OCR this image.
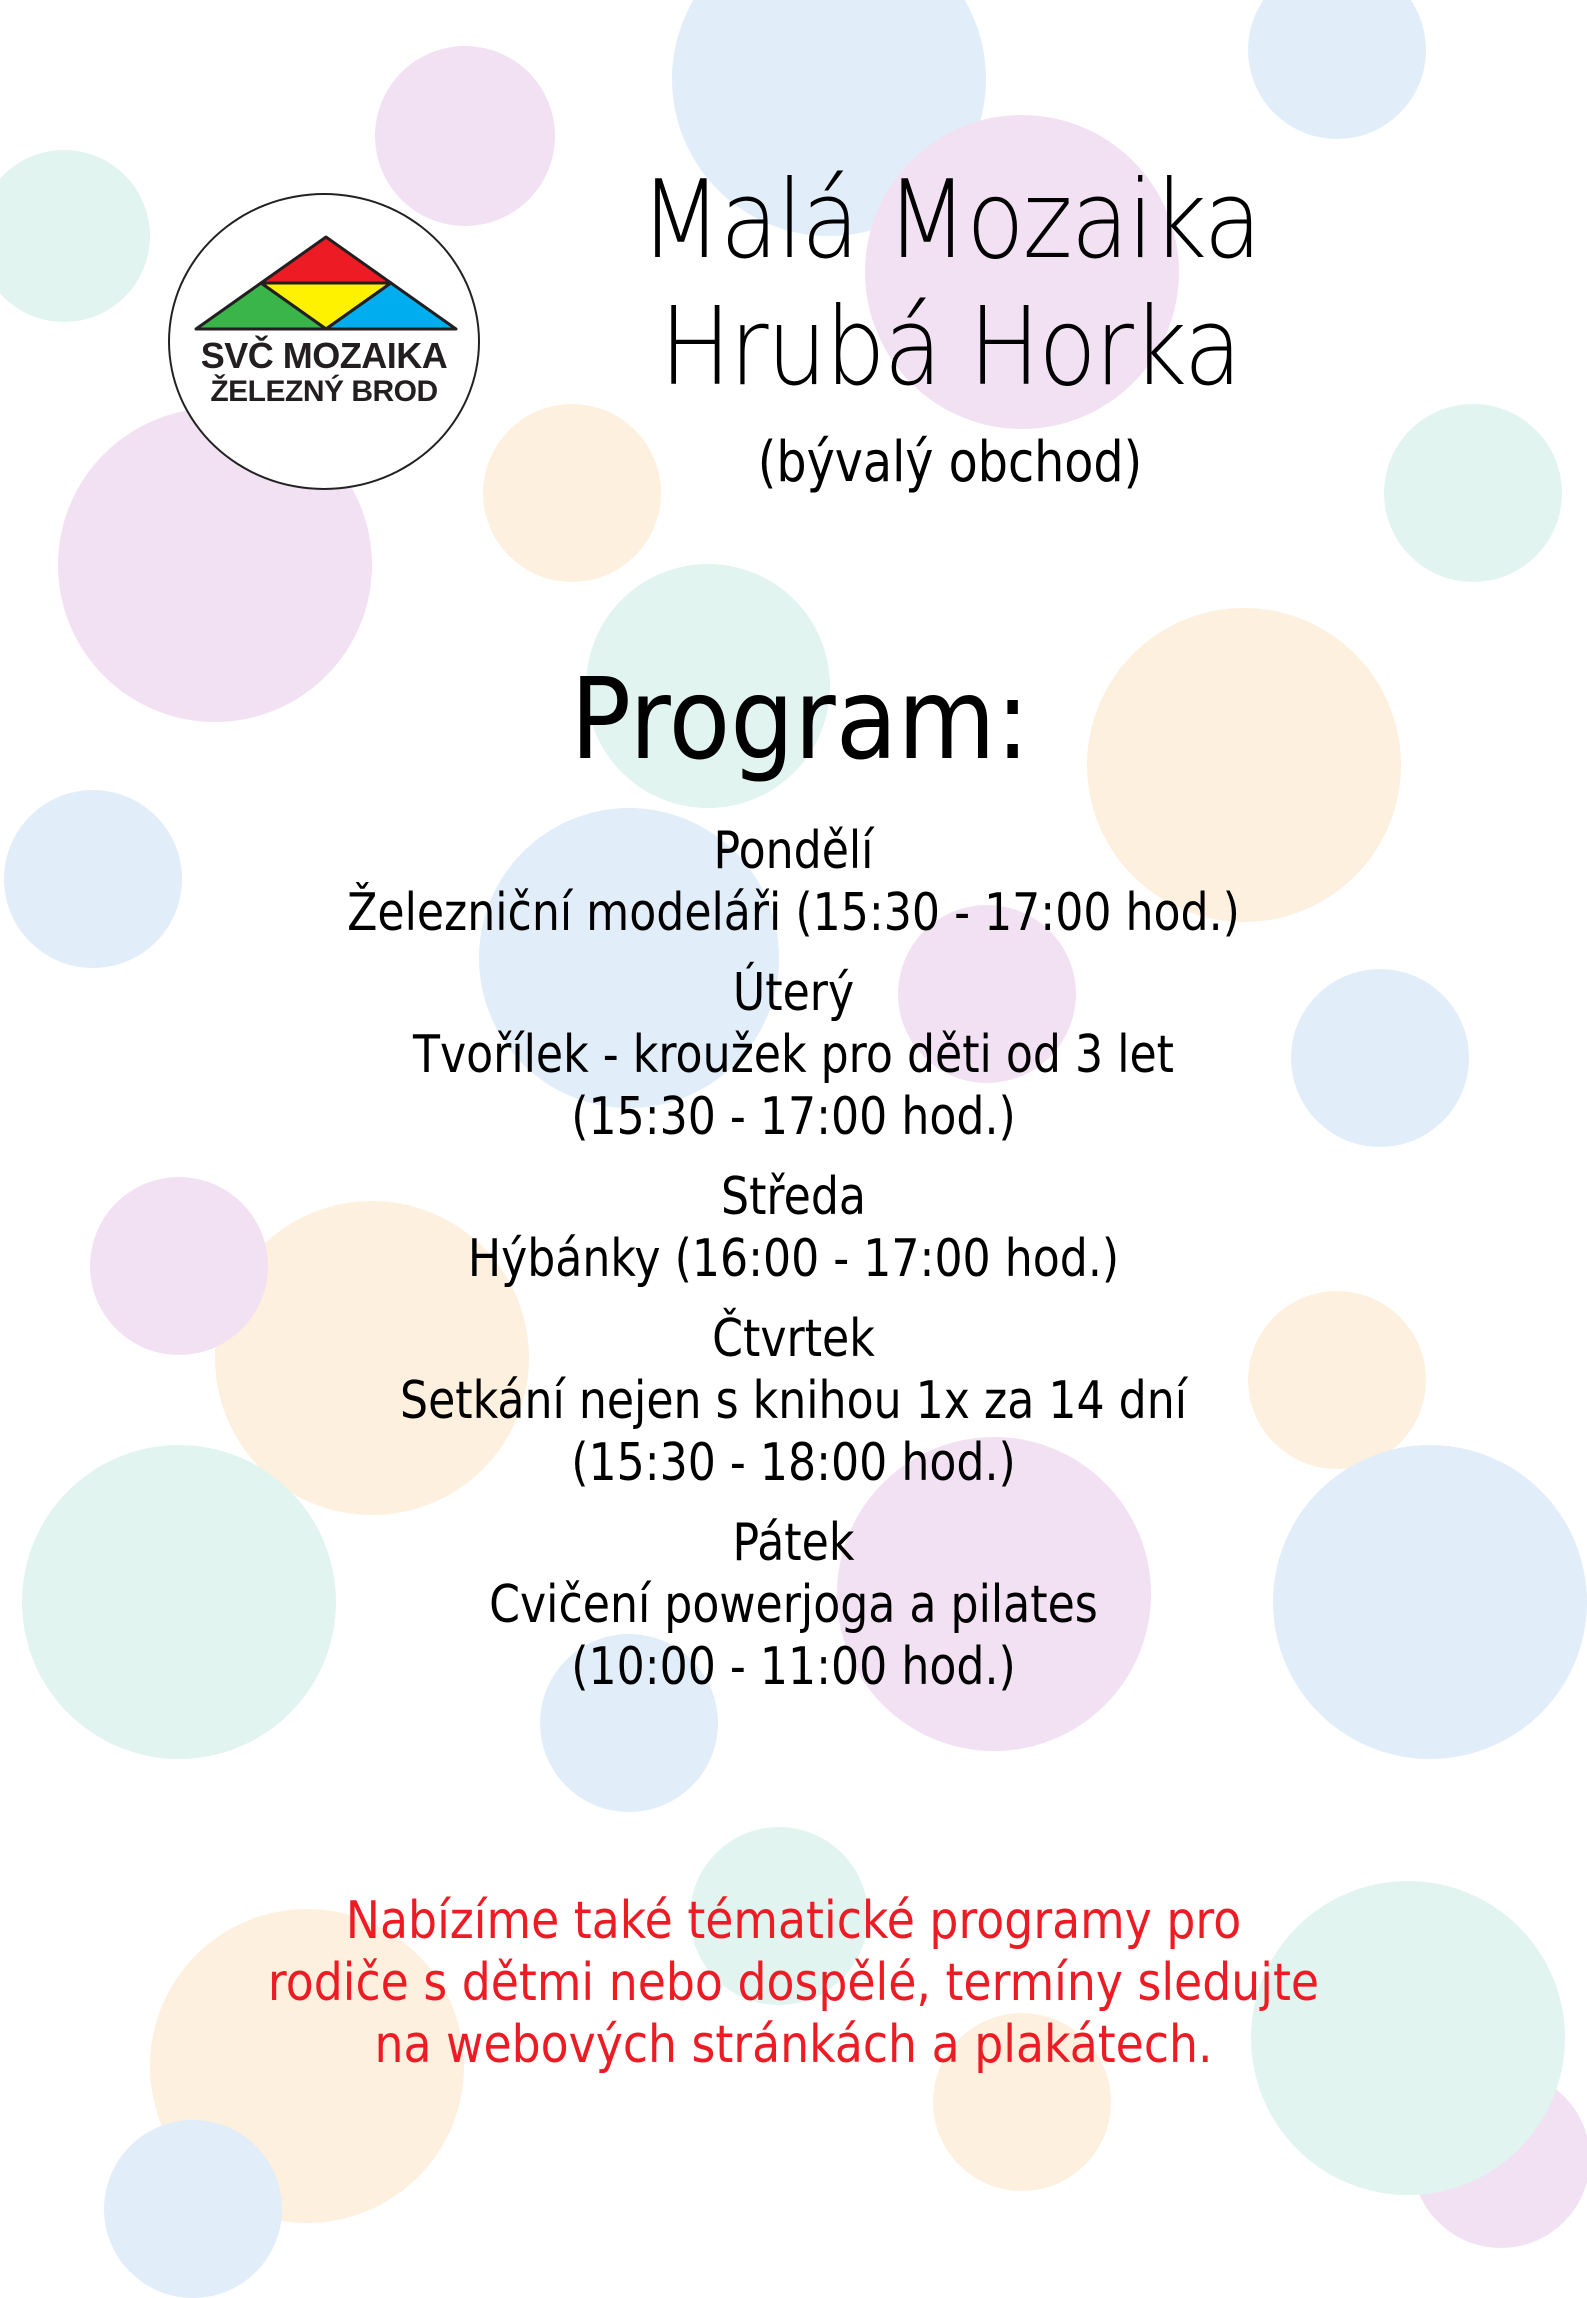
SVČ MOZAIKA
ŽELEZNÝ BROD
Malá Mozaika
Hrubá Horka
(bývalý obchod)
Program:
Pondělí
Železniční modeláři (15:30 - 17:00 hod.)
Úterý
Tvořílek - kroužek pro děti od 3 let
(15:30 - 17:00 hod.)
Středa
Hýbánky (16:00 - 17:00 hod.)
Čtvrtek
Setkání nejen s knihou 1x za 14 dní
(15:30 - 18:00 hod.)
Pátek
Cvičení powerjoga a pilates
(10:00 - 11:00 hod.)
Nabízíme také tématické programy pro
rodiče s dětmi nebo dospělé, termíny sledujte
na webových stránkách a plakátech.
